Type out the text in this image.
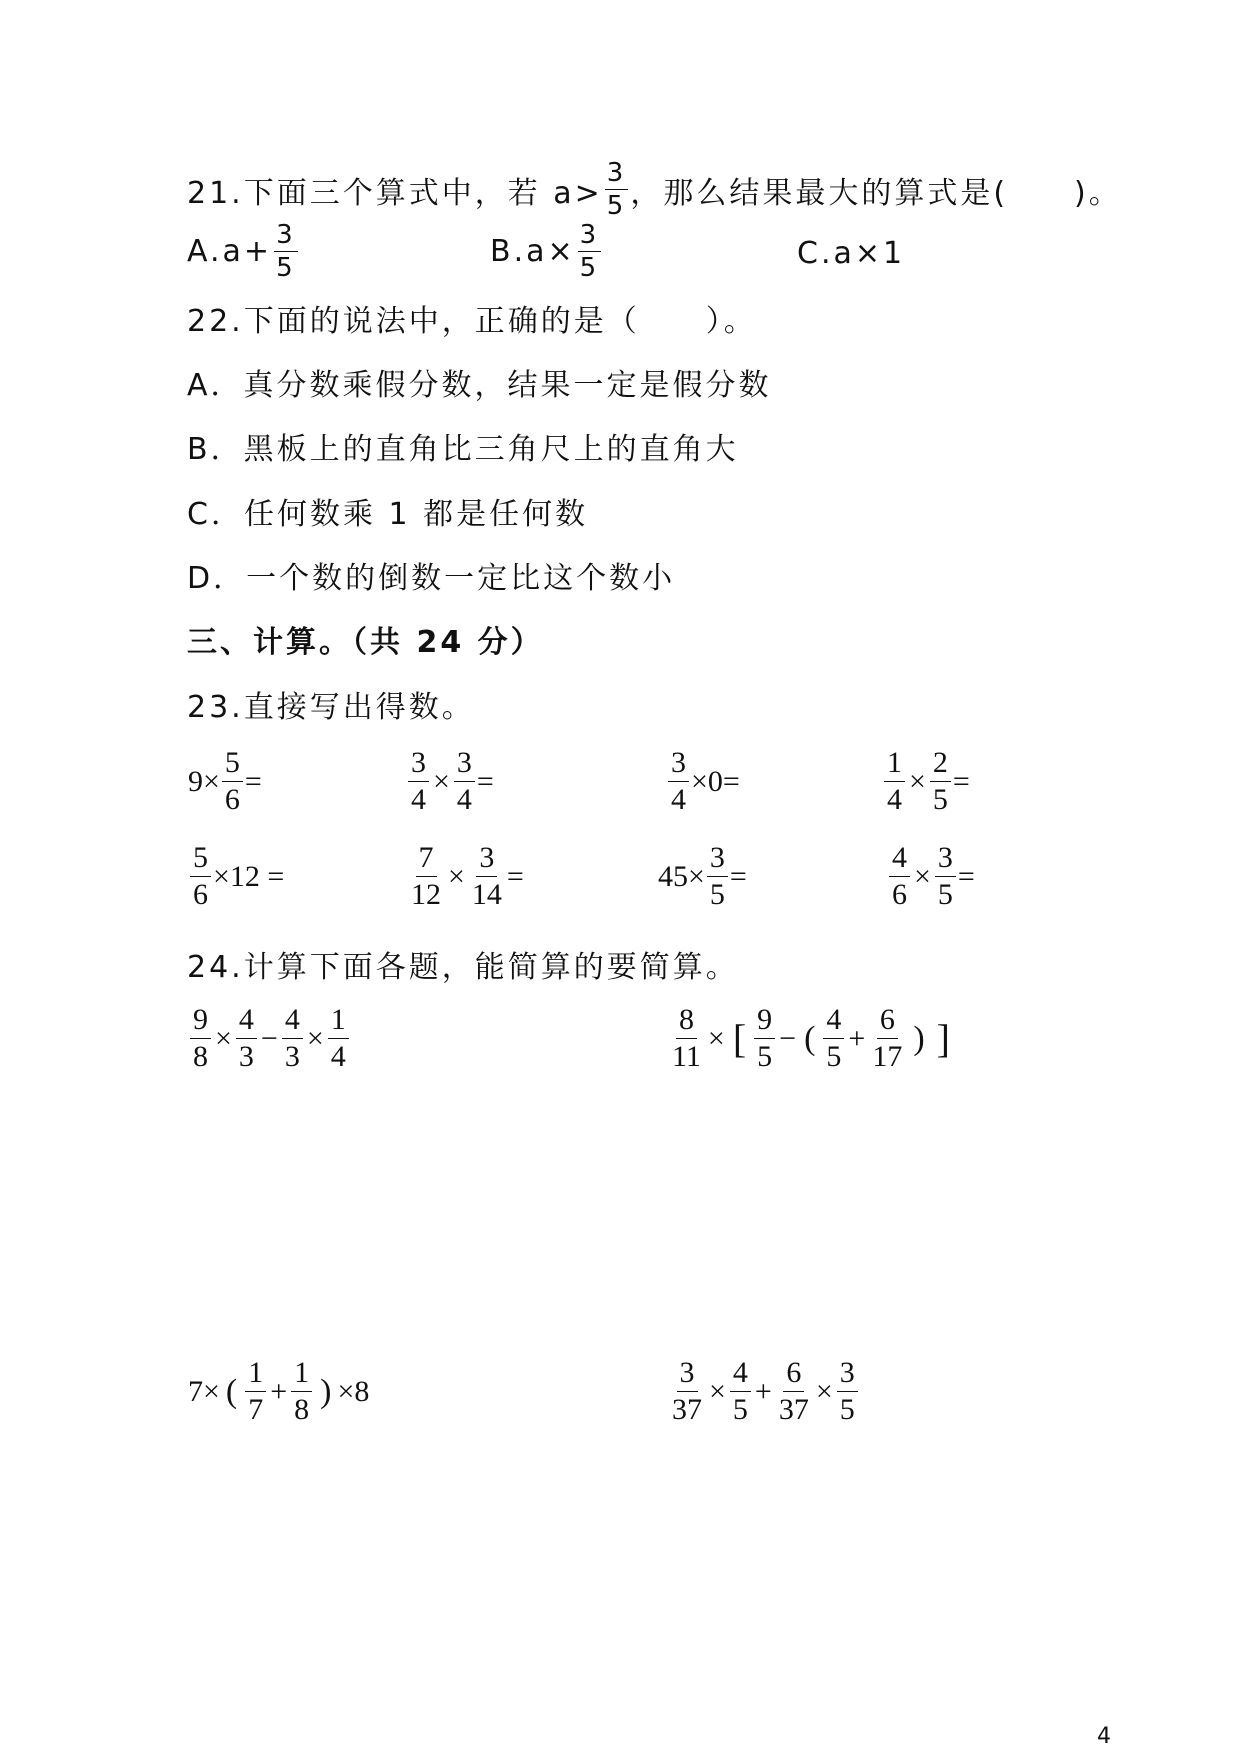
21.下面三个算式中，若 $a> \frac{3}{5}$ ，那么结果最大的算式是(　　)。
$A.a+ \frac{3}{5}$	$B.a\times \frac{3}{5}$	C.a×1
22.下面的说法中，正确的是（　　）。
A．真分数乘假分数，结果一定是假分数
B．黑板上的直角比三角尺上的直角大
C．任何数乘 1 都是任何数
D．一个数的倒数一定比这个数小
三、计算。（共 24 分）
23.直接写出得数。
$9\times \frac{5}{6}$ =	$\frac{3}{4} \times \frac{3}{4}$ =	$\frac{3}{4} \times 0=$	$\frac{1}{4} \times \frac{2}{5}$ =
$\frac{5}{6} \times 12$ =	$\frac{7}{12} \times \frac{3}{14}$ =	$45\times \frac{3}{5}$ =	$\frac{4}{6} \times \frac{3}{5}$ =
24.计算下面各题，能简算的要简算。
$\frac{9}{8} \times \frac{4}{3} - \frac{4}{3} \times \frac{1}{4}$	$\frac{8}{11}$ × [ $\frac{9}{5}$ − ( $\frac{4}{5} + \frac{6}{17}$ ) ]
7× ( $\frac{1}{7} + \frac{1}{8}$ ) ×8	$\frac{3}{37} \times \frac{4}{5} + \frac{6}{37} \times \frac{3}{5}$
4
